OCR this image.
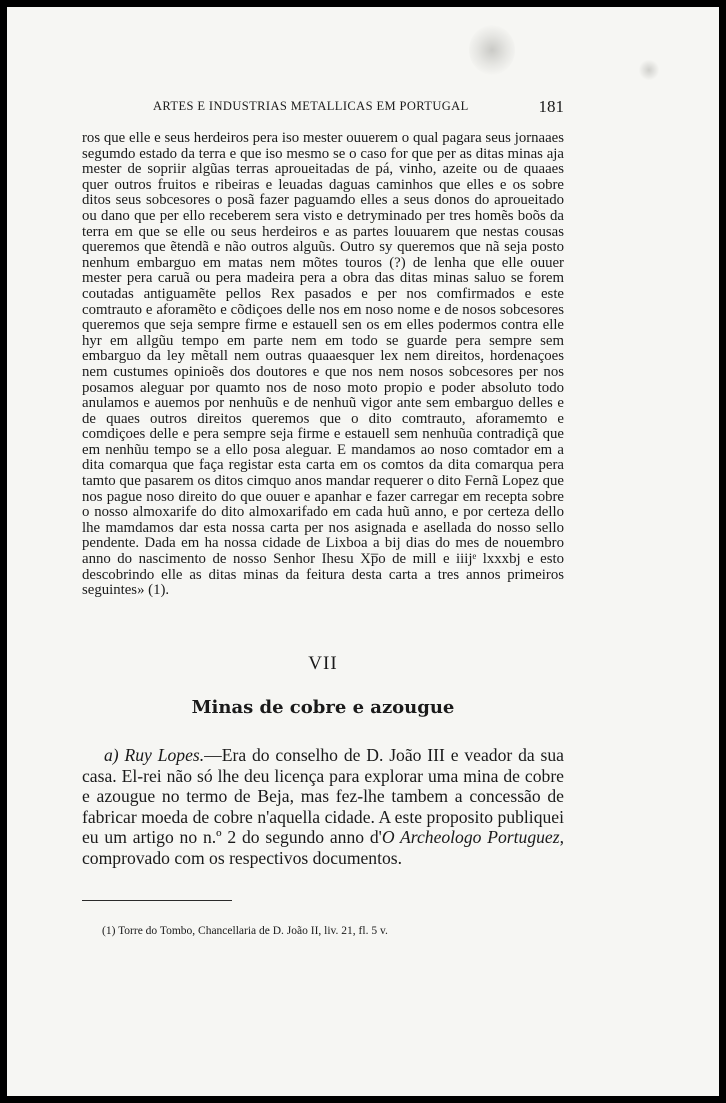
ARTES E INDUSTRIAS METALLICAS EM PORTUGAL	181

ros que elle e seus herdeiros pera iso mester ouuerem o qual pagara seus jornaaes segumdo estado da terra e que iso mesmo se o caso for que per as ditas minas aja mester de sopriir algũas terras aproueitadas de pá, vinho, azeite ou de quaaes quer outros fruitos e ribeiras e leuadas daguas caminhos que elles e os sobre ditos seus sobcesores o posã fazer paguamdo elles a seus donos do aproueitado ou dano que per ello receberem sera visto e detryminado per tres homẽs boõs da terra em que se elle ou seus herdeiros e as partes louuarem que nestas cousas queremos que ẽtendã e não outros alguũs. Outro sy queremos que nã seja posto nenhum embarguo em matas nem mõtes touros (?) de lenha que elle ouuer mester pera caruã ou pera madeira pera a obra das ditas minas saluo se forem coutadas antiguamẽte pellos Rex pasados e per nos comfirmados e este comtrauto e aforamẽto e cõdiçoes delle nos em noso nome e de nosos sobcesores queremos que seja sempre firme e estauell sen os em elles podermos contra elle hyr em allgũu tempo em parte nem em todo se guarde pera sempre sem embarguo da ley mẽtall nem outras quaaesquer lex nem direitos, hordenaçoes nem custumes opinioẽs dos doutores e que nos nem nosos sobcesores per nos posamos aleguar por quamto nos de noso moto propio e poder absoluto todo anulamos e auemos por nenhuũs e de nenhuũ vigor ante sem embarguo delles e de quaes outros direitos queremos que o dito comtrauto, aforamemto e comdiçoes delle e pera sempre seja firme e estauell sem nenhuũa contradiçã que em nenhũu tempo se a ello posa aleguar. E mandamos ao noso comtador em a dita comarqua que faça registar esta carta em os comtos da dita comarqua pera tamto que pasarem os ditos cimquo anos mandar requerer o dito Fernã Lopez que nos pague noso direito do que ouuer e apanhar e fazer carregar em recepta sobre o nosso almoxarife do dito almoxarifado em cada huũ anno, e por certeza dello lhe mamdamos dar esta nossa carta per nos asignada e asellada do nosso sello pendente. Dada em ha nossa cidade de Lixboa a bij dias do mes de nouembro anno do nascimento de nosso Senhor Ihesu Xp̅o de mill e iiijᵉ lxxxbj e esto descobrindo elle as ditas minas da feitura desta carta a tres annos primeiros seguintes» (1).

VII
Minas de cobre e azougue

a) Ruy Lopes.—Era do conselho de D. João III e veador da sua casa. El-rei não só lhe deu licença para explorar uma mina de cobre e azougue no termo de Beja, mas fez-lhe tambem a concessão de fabricar moeda de cobre n'aquella cidade. A este proposito publiquei eu um artigo no n.º 2 do segundo anno d'O Archeologo Portuguez, comprovado com os respectivos documentos.

(1) Torre do Tombo, Chancellaria de D. João II, liv. 21, fl. 5 v.
